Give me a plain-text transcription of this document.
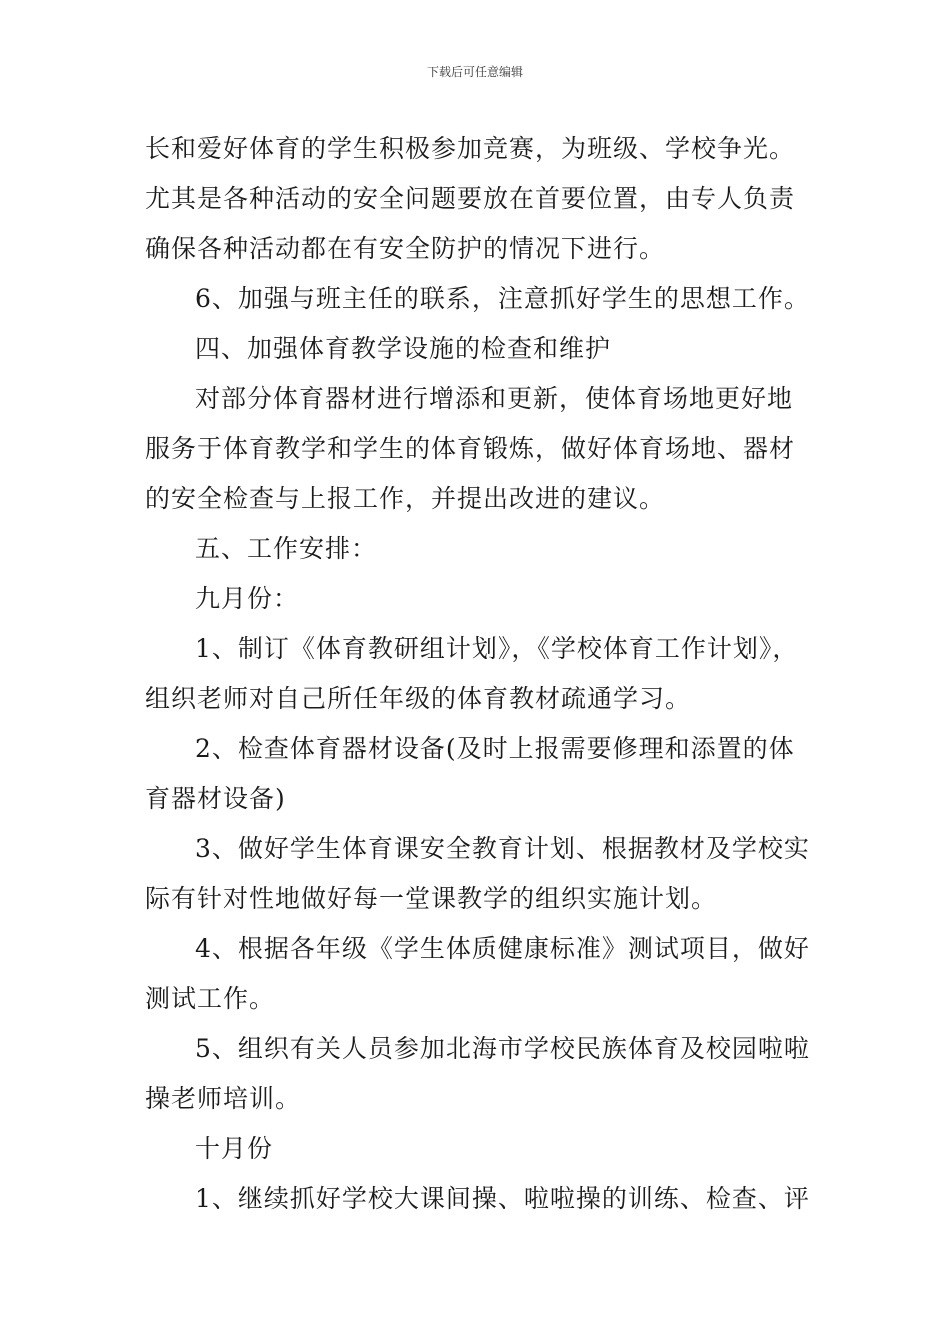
下载后可任意编辑
长和爱好体育的学生积极参加竞赛，为班级、学校争光。
尤其是各种活动的安全问题要放在首要位置，由专人负责
确保各种活动都在有安全防护的情况下进行。
6、加强与班主任的联系，注意抓好学生的思想工作。
四、加强体育教学设施的检查和维护
对部分体育器材进行增添和更新，使体育场地更好地
服务于体育教学和学生的体育锻炼，做好体育场地、器材
的安全检查与上报工作，并提出改进的建议。
五、工作安排：
九月份：
1、制订《体育教研组计划》，《学校体育工作计划》，
组织老师对自己所任年级的体育教材疏通学习。
2、检查体育器材设备(及时上报需要修理和添置的体
育器材设备)
3、做好学生体育课安全教育计划、根据教材及学校实
际有针对性地做好每一堂课教学的组织实施计划。
4、根据各年级《学生体质健康标准》测试项目，做好
测试工作。
5、组织有关人员参加北海市学校民族体育及校园啦啦
操老师培训。
十月份
1、继续抓好学校大课间操、啦啦操的训练、检查、评
